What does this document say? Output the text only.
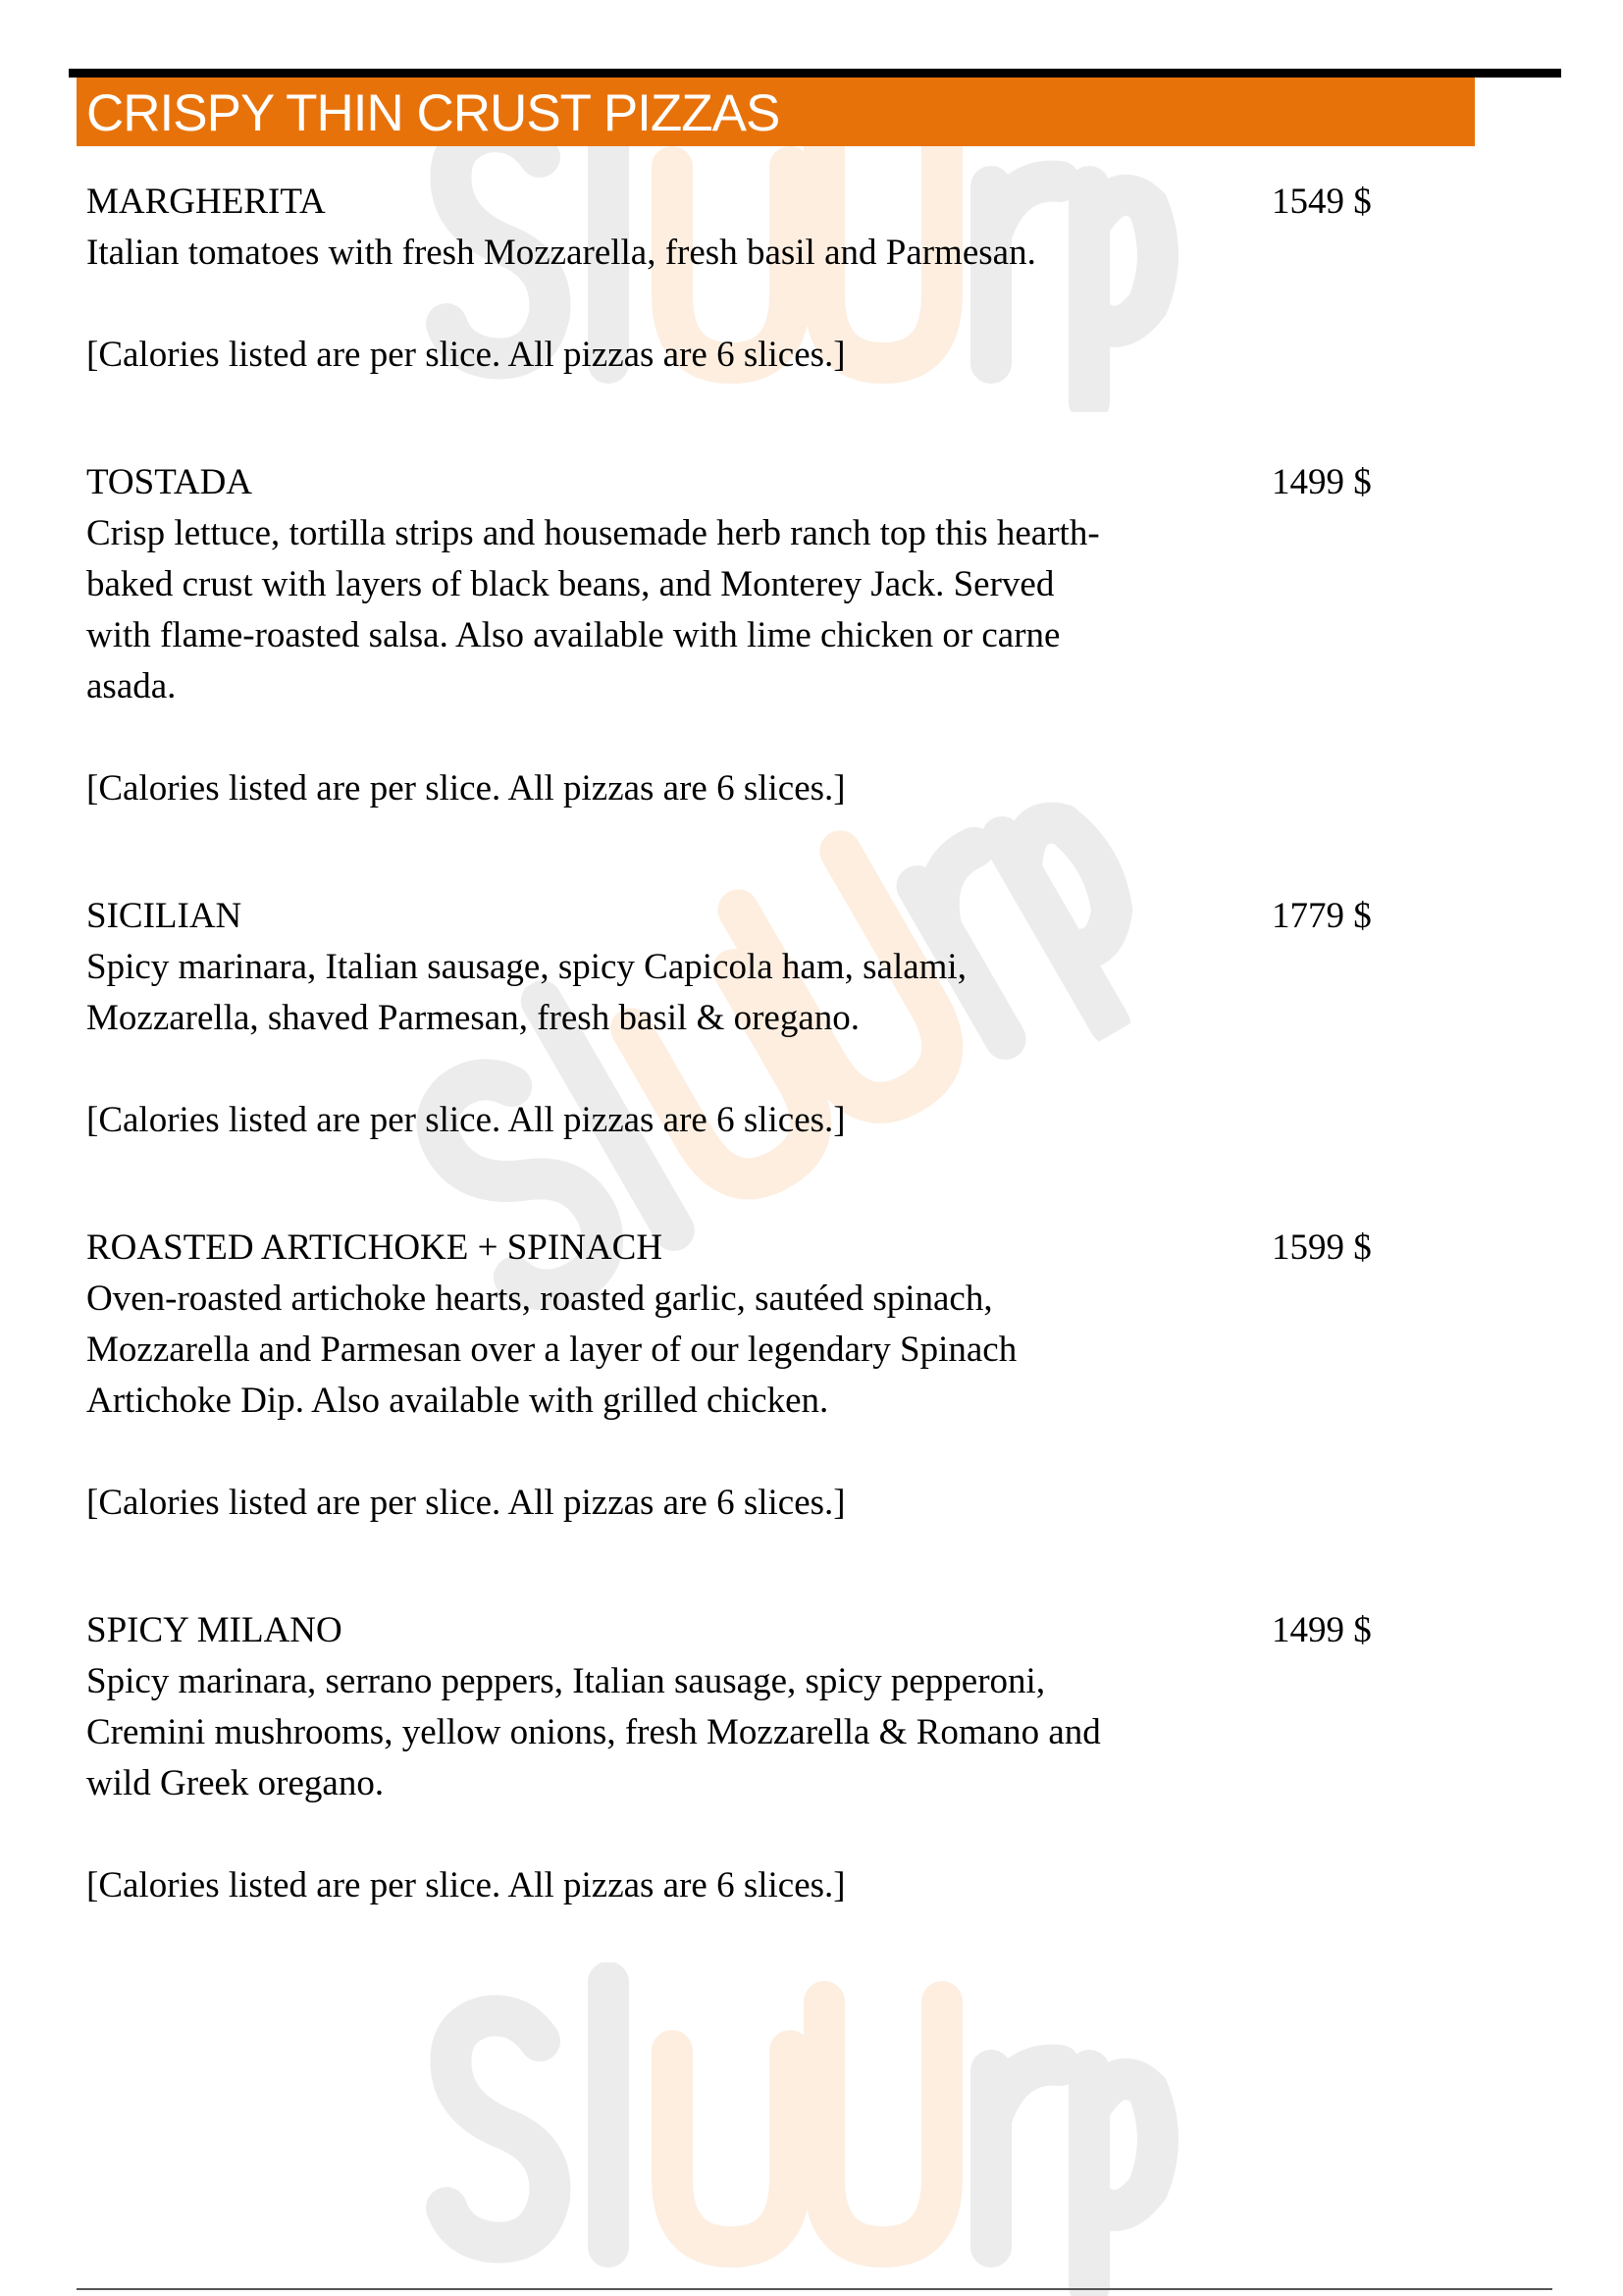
CRISPY THIN CRUST PIZZAS
MARGHERITA	1549 $
Italian tomatoes with fresh Mozzarella, fresh basil and Parmesan.
[Calories listed are per slice. All pizzas are 6 slices.]
TOSTADA	1499 $
Crisp lettuce, tortilla strips and housemade herb ranch top this hearth-
baked crust with layers of black beans, and Monterey Jack. Served
with flame-roasted salsa. Also available with lime chicken or carne
asada.
[Calories listed are per slice. All pizzas are 6 slices.]
SICILIAN	1779 $
Spicy marinara, Italian sausage, spicy Capicola ham, salami,
Mozzarella, shaved Parmesan, fresh basil & oregano.
[Calories listed are per slice. All pizzas are 6 slices.]
ROASTED ARTICHOKE + SPINACH	1599 $
Oven-roasted artichoke hearts, roasted garlic, sautéed spinach,
Mozzarella and Parmesan over a layer of our legendary Spinach
Artichoke Dip. Also available with grilled chicken.
[Calories listed are per slice. All pizzas are 6 slices.]
SPICY MILANO	1499 $
Spicy marinara, serrano peppers, Italian sausage, spicy pepperoni,
Cremini mushrooms, yellow onions, fresh Mozzarella & Romano and
wild Greek oregano.
[Calories listed are per slice. All pizzas are 6 slices.]
